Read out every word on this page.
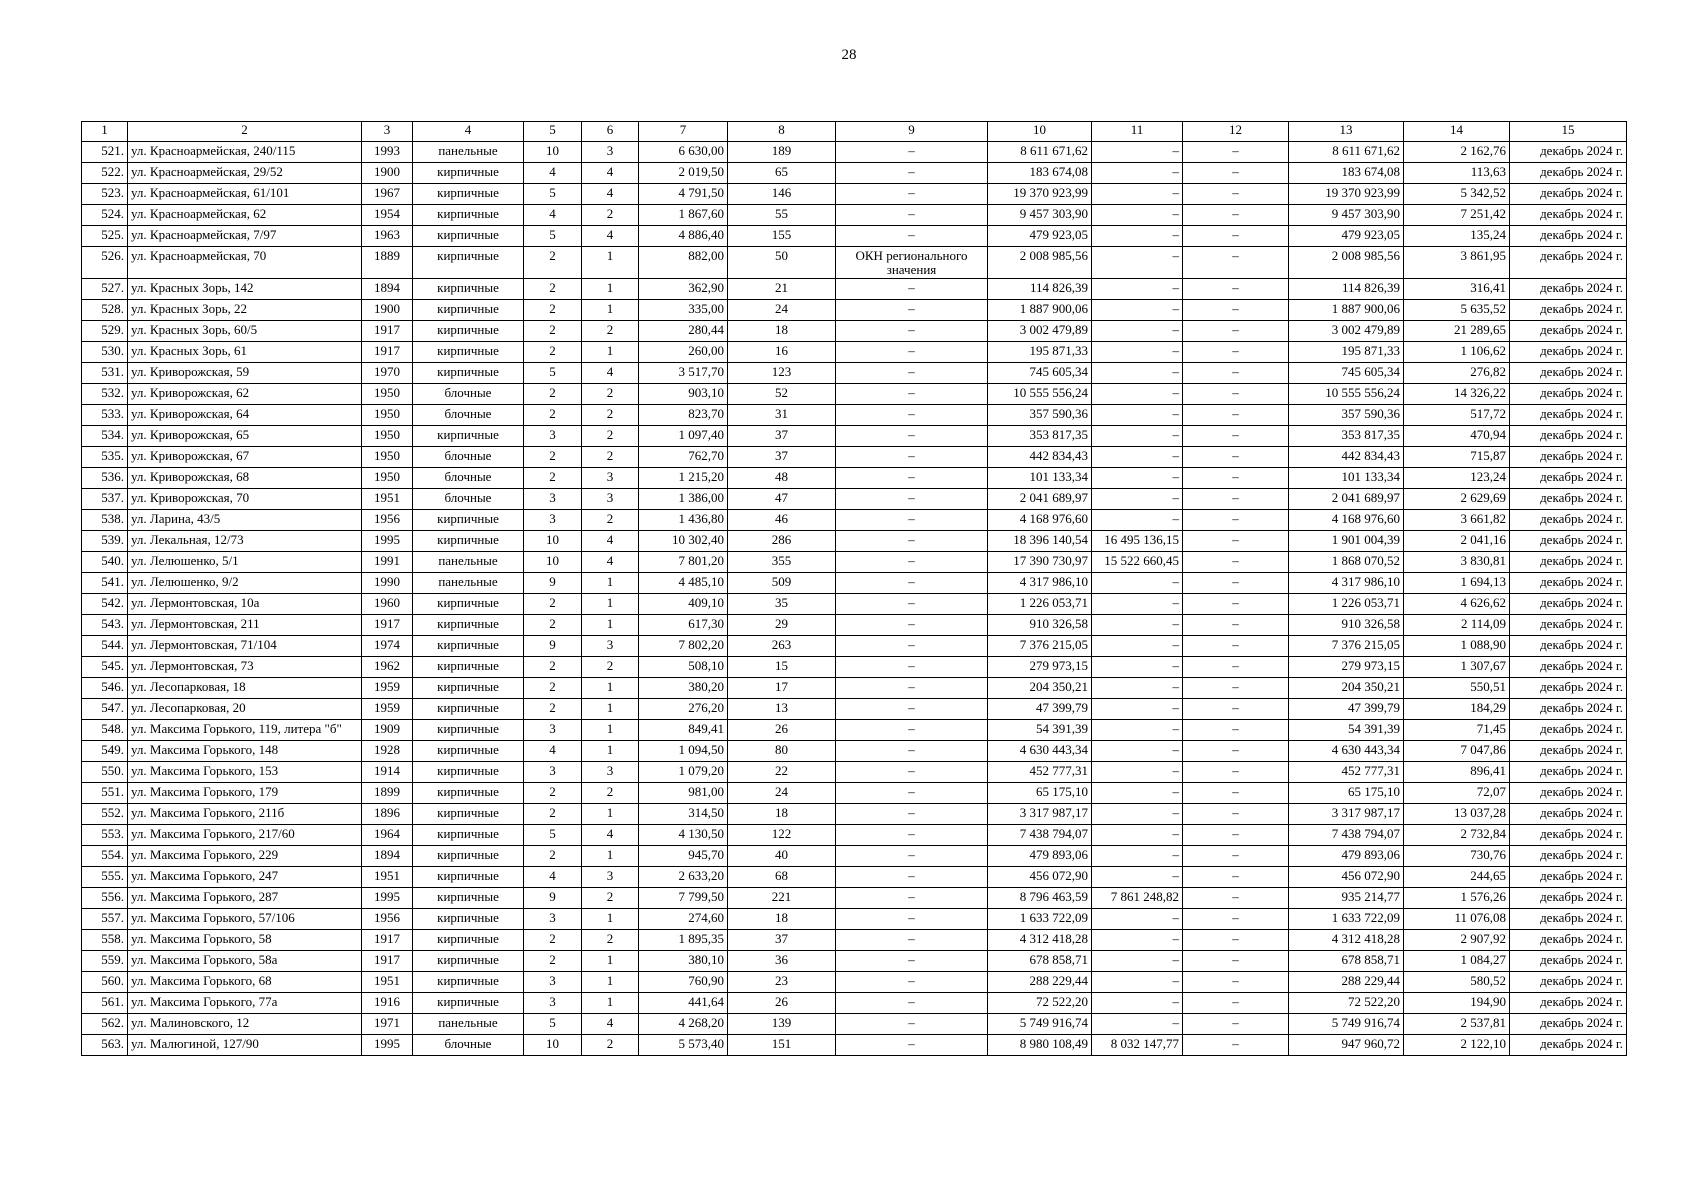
28
1	2	3	4	5	6	7	8	9	10	11	12	13	14	15
521.	ул. Красноармейская, 240/115	1993	панельные	10	3	6 630,00	189	–	8 611 671,62	–	–	8 611 671,62	2 162,76	декабрь 2024 г.
522.	ул. Красноармейская, 29/52	1900	кирпичные	4	4	2 019,50	65	–	183 674,08	–	–	183 674,08	113,63	декабрь 2024 г.
523.	ул. Красноармейская, 61/101	1967	кирпичные	5	4	4 791,50	146	–	19 370 923,99	–	–	19 370 923,99	5 342,52	декабрь 2024 г.
524.	ул. Красноармейская, 62	1954	кирпичные	4	2	1 867,60	55	–	9 457 303,90	–	–	9 457 303,90	7 251,42	декабрь 2024 г.
525.	ул. Красноармейская, 7/97	1963	кирпичные	5	4	4 886,40	155	–	479 923,05	–	–	479 923,05	135,24	декабрь 2024 г.
526.	ул. Красноармейская, 70	1889	кирпичные	2	1	882,00	50	ОКН регионального значения	2 008 985,56	–	–	2 008 985,56	3 861,95	декабрь 2024 г.
527.	ул. Красных Зорь, 142	1894	кирпичные	2	1	362,90	21	–	114 826,39	–	–	114 826,39	316,41	декабрь 2024 г.
528.	ул. Красных Зорь, 22	1900	кирпичные	2	1	335,00	24	–	1 887 900,06	–	–	1 887 900,06	5 635,52	декабрь 2024 г.
529.	ул. Красных Зорь, 60/5	1917	кирпичные	2	2	280,44	18	–	3 002 479,89	–	–	3 002 479,89	21 289,65	декабрь 2024 г.
530.	ул. Красных Зорь, 61	1917	кирпичные	2	1	260,00	16	–	195 871,33	–	–	195 871,33	1 106,62	декабрь 2024 г.
531.	ул. Криворожская, 59	1970	кирпичные	5	4	3 517,70	123	–	745 605,34	–	–	745 605,34	276,82	декабрь 2024 г.
532.	ул. Криворожская, 62	1950	блочные	2	2	903,10	52	–	10 555 556,24	–	–	10 555 556,24	14 326,22	декабрь 2024 г.
533.	ул. Криворожская, 64	1950	блочные	2	2	823,70	31	–	357 590,36	–	–	357 590,36	517,72	декабрь 2024 г.
534.	ул. Криворожская, 65	1950	кирпичные	3	2	1 097,40	37	–	353 817,35	–	–	353 817,35	470,94	декабрь 2024 г.
535.	ул. Криворожская, 67	1950	блочные	2	2	762,70	37	–	442 834,43	–	–	442 834,43	715,87	декабрь 2024 г.
536.	ул. Криворожская, 68	1950	блочные	2	3	1 215,20	48	–	101 133,34	–	–	101 133,34	123,24	декабрь 2024 г.
537.	ул. Криворожская, 70	1951	блочные	3	3	1 386,00	47	–	2 041 689,97	–	–	2 041 689,97	2 629,69	декабрь 2024 г.
538.	ул. Ларина, 43/5	1956	кирпичные	3	2	1 436,80	46	–	4 168 976,60	–	–	4 168 976,60	3 661,82	декабрь 2024 г.
539.	ул. Лекальная, 12/73	1995	кирпичные	10	4	10 302,40	286	–	18 396 140,54	16 495 136,15	–	1 901 004,39	2 041,16	декабрь 2024 г.
540.	ул. Лелюшенко, 5/1	1991	панельные	10	4	7 801,20	355	–	17 390 730,97	15 522 660,45	–	1 868 070,52	3 830,81	декабрь 2024 г.
541.	ул. Лелюшенко, 9/2	1990	панельные	9	1	4 485,10	509	–	4 317 986,10	–	–	4 317 986,10	1 694,13	декабрь 2024 г.
542.	ул. Лермонтовская, 10а	1960	кирпичные	2	1	409,10	35	–	1 226 053,71	–	–	1 226 053,71	4 626,62	декабрь 2024 г.
543.	ул. Лермонтовская, 211	1917	кирпичные	2	1	617,30	29	–	910 326,58	–	–	910 326,58	2 114,09	декабрь 2024 г.
544.	ул. Лермонтовская, 71/104	1974	кирпичные	9	3	7 802,20	263	–	7 376 215,05	–	–	7 376 215,05	1 088,90	декабрь 2024 г.
545.	ул. Лермонтовская, 73	1962	кирпичные	2	2	508,10	15	–	279 973,15	–	–	279 973,15	1 307,67	декабрь 2024 г.
546.	ул. Лесопарковая, 18	1959	кирпичные	2	1	380,20	17	–	204 350,21	–	–	204 350,21	550,51	декабрь 2024 г.
547.	ул. Лесопарковая, 20	1959	кирпичные	2	1	276,20	13	–	47 399,79	–	–	47 399,79	184,29	декабрь 2024 г.
548.	ул. Максима Горького, 119, литера "б"	1909	кирпичные	3	1	849,41	26	–	54 391,39	–	–	54 391,39	71,45	декабрь 2024 г.
549.	ул. Максима Горького, 148	1928	кирпичные	4	1	1 094,50	80	–	4 630 443,34	–	–	4 630 443,34	7 047,86	декабрь 2024 г.
550.	ул. Максима Горького, 153	1914	кирпичные	3	3	1 079,20	22	–	452 777,31	–	–	452 777,31	896,41	декабрь 2024 г.
551.	ул. Максима Горького, 179	1899	кирпичные	2	2	981,00	24	–	65 175,10	–	–	65 175,10	72,07	декабрь 2024 г.
552.	ул. Максима Горького, 211б	1896	кирпичные	2	1	314,50	18	–	3 317 987,17	–	–	3 317 987,17	13 037,28	декабрь 2024 г.
553.	ул. Максима Горького, 217/60	1964	кирпичные	5	4	4 130,50	122	–	7 438 794,07	–	–	7 438 794,07	2 732,84	декабрь 2024 г.
554.	ул. Максима Горького, 229	1894	кирпичные	2	1	945,70	40	–	479 893,06	–	–	479 893,06	730,76	декабрь 2024 г.
555.	ул. Максима Горького, 247	1951	кирпичные	4	3	2 633,20	68	–	456 072,90	–	–	456 072,90	244,65	декабрь 2024 г.
556.	ул. Максима Горького, 287	1995	кирпичные	9	2	7 799,50	221	–	8 796 463,59	7 861 248,82	–	935 214,77	1 576,26	декабрь 2024 г.
557.	ул. Максима Горького, 57/106	1956	кирпичные	3	1	274,60	18	–	1 633 722,09	–	–	1 633 722,09	11 076,08	декабрь 2024 г.
558.	ул. Максима Горького, 58	1917	кирпичные	2	2	1 895,35	37	–	4 312 418,28	–	–	4 312 418,28	2 907,92	декабрь 2024 г.
559.	ул. Максима Горького, 58а	1917	кирпичные	2	1	380,10	36	–	678 858,71	–	–	678 858,71	1 084,27	декабрь 2024 г.
560.	ул. Максима Горького, 68	1951	кирпичные	3	1	760,90	23	–	288 229,44	–	–	288 229,44	580,52	декабрь 2024 г.
561.	ул. Максима Горького, 77а	1916	кирпичные	3	1	441,64	26	–	72 522,20	–	–	72 522,20	194,90	декабрь 2024 г.
562.	ул. Малиновского, 12	1971	панельные	5	4	4 268,20	139	–	5 749 916,74	–	–	5 749 916,74	2 537,81	декабрь 2024 г.
563.	ул. Малюгиной, 127/90	1995	блочные	10	2	5 573,40	151	–	8 980 108,49	8 032 147,77	–	947 960,72	2 122,10	декабрь 2024 г.
